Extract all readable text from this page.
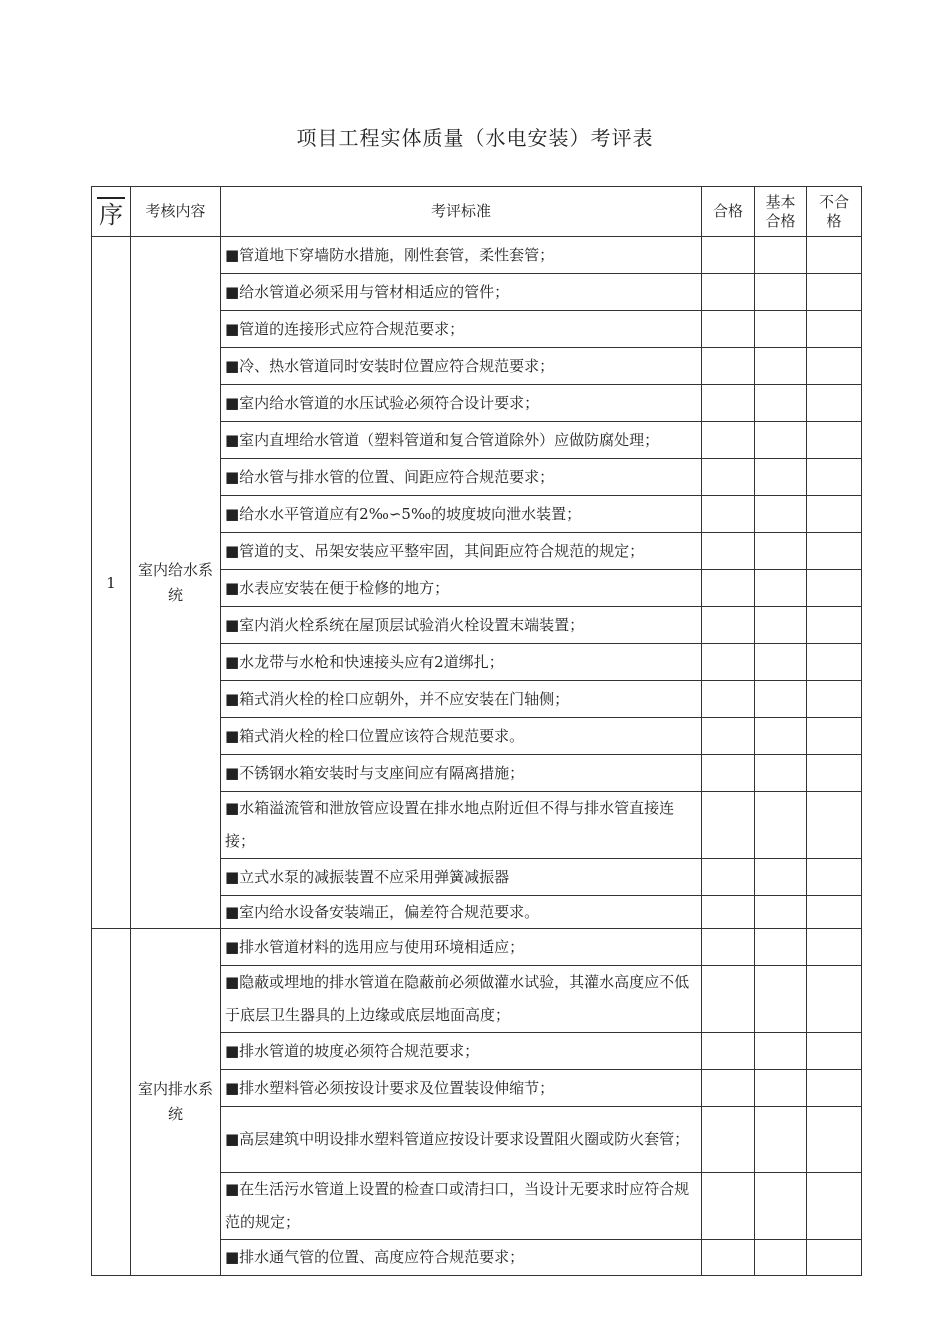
项目工程实体质量（水电安装）考评表
序	考核内容	考评标准	合格	基本合格	不合格

1	室内给水系统	■管道地下穿墙防水措施，刚性套管，柔性套管；			
		■给水管道必须采用与管材相适应的管件；			
		■管道的连接形式应符合规范要求；			
		■冷、热水管道同时安装时位置应符合规范要求；			
		■室内给水管道的水压试验必须符合设计要求；			
		■室内直埋给水管道（塑料管道和复合管道除外）应做防腐处理；			
		■给水管与排水管的位置、间距应符合规范要求；			
		■给水水平管道应有2‰∽5‰的坡度坡向泄水装置；			
		■管道的支、吊架安装应平整牢固，其间距应符合规范的规定；			
		■水表应安装在便于检修的地方；			
		■室内消火栓系统在屋顶层试验消火栓设置末端装置；			
		■水龙带与水枪和快速接头应有2道绑扎；			
		■箱式消火栓的栓口应朝外，并不应安装在门轴侧；			
		■箱式消火栓的栓口位置应该符合规范要求。			
		■不锈钢水箱安装时与支座间应有隔离措施；			
		■水箱溢流管和泄放管应设置在排水地点附近但不得与排水管直接连接；			
		■立式水泵的减振装置不应采用弹簧减振器			
		■室内给水设备安装端正，偏差符合规范要求。			

	室内排水系统	■排水管道材料的选用应与使用环境相适应；			
		■隐蔽或埋地的排水管道在隐蔽前必须做灌水试验，其灌水高度应不低于底层卫生器具的上边缘或底层地面高度；			
		■排水管道的坡度必须符合规范要求；			
		■排水塑料管必须按设计要求及位置装设伸缩节；			
		■高层建筑中明设排水塑料管道应按设计要求设置阻火圈或防火套管；			
		■在生活污水管道上设置的检查口或清扫口，当设计无要求时应符合规范的规定；			
		■排水通气管的位置、高度应符合规范要求；			
